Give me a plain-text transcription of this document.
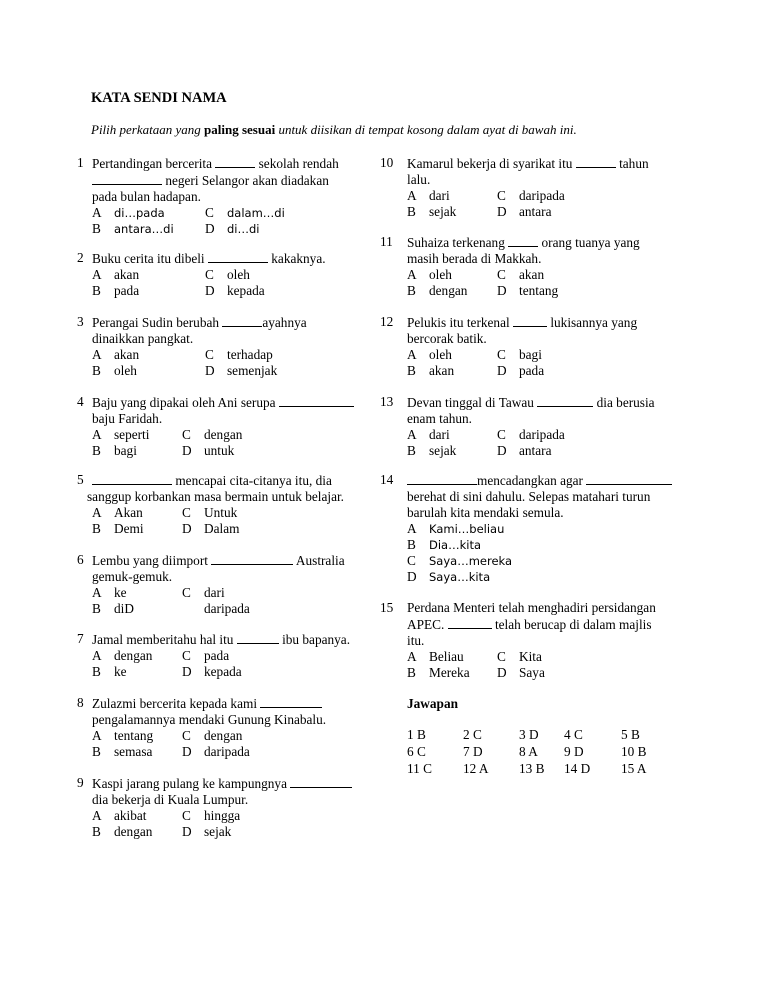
KATA SENDI NAMA
Pilih perkataan yang paling sesuai untuk diisikan di tempat kosong dalam ayat di bawah ini.
1 Pertandingan bercerita	sekolah rendah
negeri Selangor akan diadakan
pada bulan hadapan.
A	di…pada	C	dalam…di
B	antara…di	D	di…di
2 Buku cerita itu dibeli	kakaknya.
A akan	C oleh
B pada	D kepada
3 Perangai Sudin berubah	ayahnya
dinaikkan pangkat.
A akan	C terhadap
B oleh	D semenjak
4 Baju yang dipakai oleh Ani serupa
baju Faridah.
A seperti	C dengan
B bagi	D untuk
5	mencapai cita-citanya itu, dia
sanggup korbankan masa bermain untuk belajar.
A Akan	C Untuk
B Demi	D Dalam
6 Lembu yang diimport	Australia
gemuk-gemuk.
A ke	C dari
B diD	daripada
7 Jamal memberitahu hal itu	ibu bapanya.
A dengan	C pada
B ke	D kepada
8 Zulazmi bercerita kepada kami
pengalamannya mendaki Gunung Kinabalu.
A tentang	C dengan
B semasa	D daripada
9 Kaspi jarang pulang ke kampungnya
dia bekerja di Kuala Lumpur.
A akibat	C hingga
B dengan	D sejak
10 Kamarul bekerja di syarikat itu	tahun
lalu.
A dari	C daripada
B sejak	D antara
11 Suhaiza terkenang  orang tuanya yang
masih berada di Makkah.
A oleh	C akan
B dengan	D tentang
12 Pelukis itu terkenal	lukisannya yang
bercorak batik.
A oleh	C bagi
B akan	D pada
13 Devan tinggal di Tawau	dia berusia
enam tahun.
A dari	C daripada
B sejak	D antara
14	mencadangkan agar
berehat di sini dahulu. Selepas matahari turun
barulah kita mendaki semula.
A	Kami…beliau
B	Dia…kita
C	Saya…mereka
D	Saya…kita
15 Perdana Menteri telah menghadiri persidangan
APEC.	telah berucap di dalam majlis
itu.
A Beliau	C Kita
B Mereka	D Saya
Jawapan
1 B	2 C	3 D	4 C	5 B
6 C	7 D	8 A	9 D	10 B
11 C	12 A	13 B	14 D	15 A
